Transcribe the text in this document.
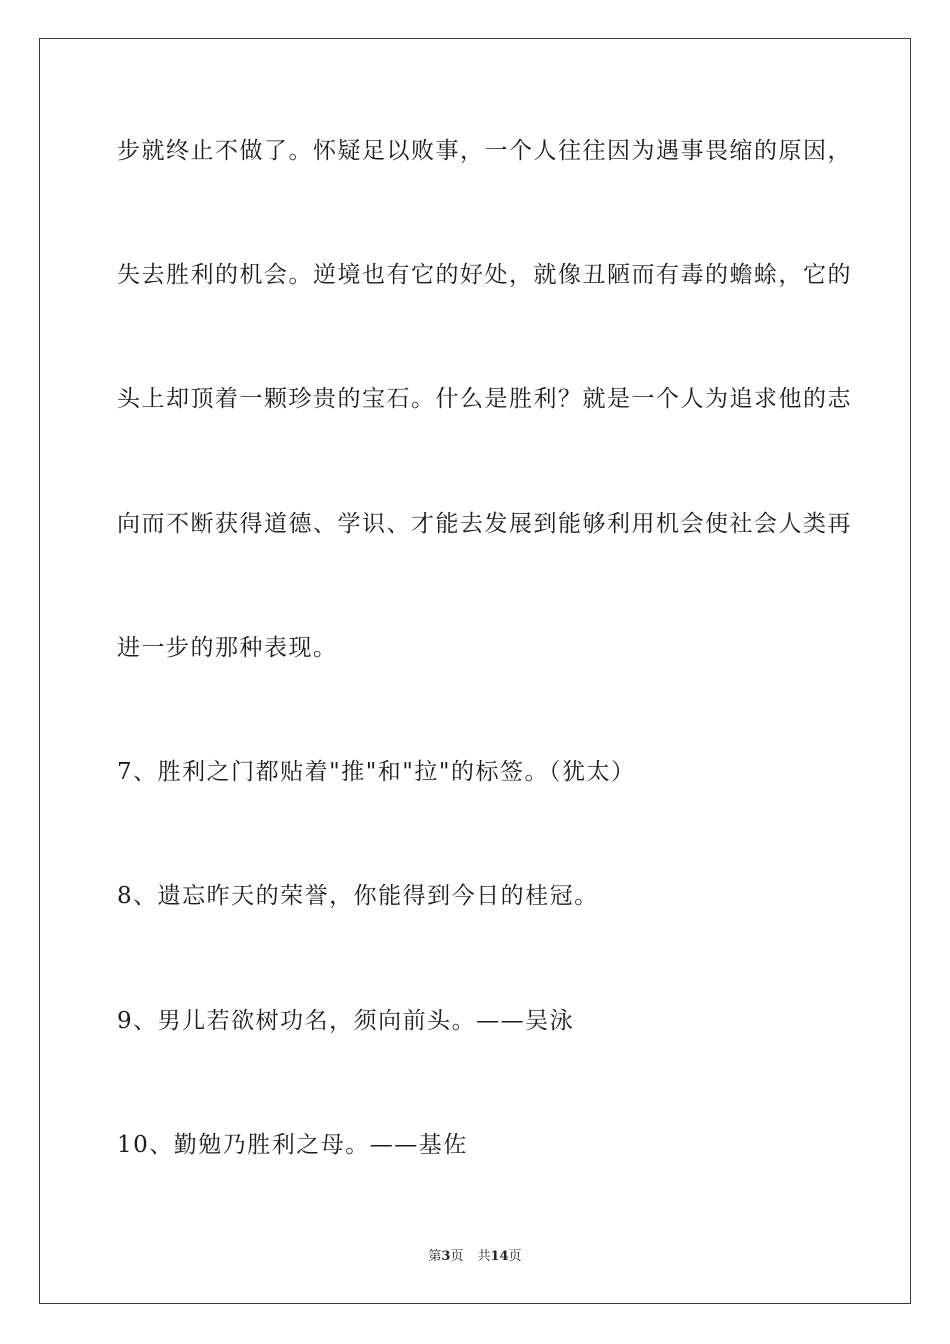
步就终止不做了。怀疑足以败事，一个人往往因为遇事畏缩的原因，
失去胜利的机会。逆境也有它的好处，就像丑陋而有毒的蟾蜍，它的
头上却顶着一颗珍贵的宝石。什么是胜利？就是一个人为追求他的志
向而不断获得道德、学识、才能去发展到能够利用机会使社会人类再
进一步的那种表现。
7、胜利之门都贴着"推"和"拉"的标签。（犹太）
8、遗忘昨天的荣誉，你能得到今日的桂冠。
9、男儿若欲树功名，须向前头。——吴泳
10、勤勉乃胜利之母。——基佐
第3页 共14页
